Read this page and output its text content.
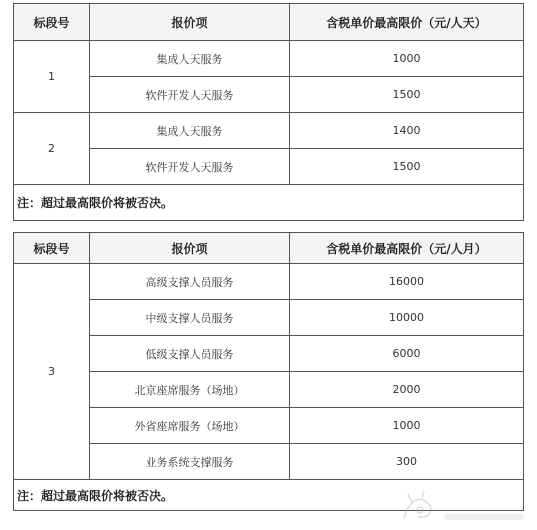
标段号	报价项	含税单价最高限价（元/人天）
1	集成人天服务	1000
	软件开发人天服务	1500
2	集成人天服务	1400
	软件开发人天服务	1500
注：超过最高限价将被否决。		
标段号	报价项	含税单价最高限价（元/人月）
3	高级支撑人员服务	16000
	中级支撑人员服务	10000
	低级支撑人员服务	6000
	北京座席服务（场地）	2000
	外省座席服务（场地）	1000
	业务系统支撑服务	300
注：超过最高限价将被否决。		
